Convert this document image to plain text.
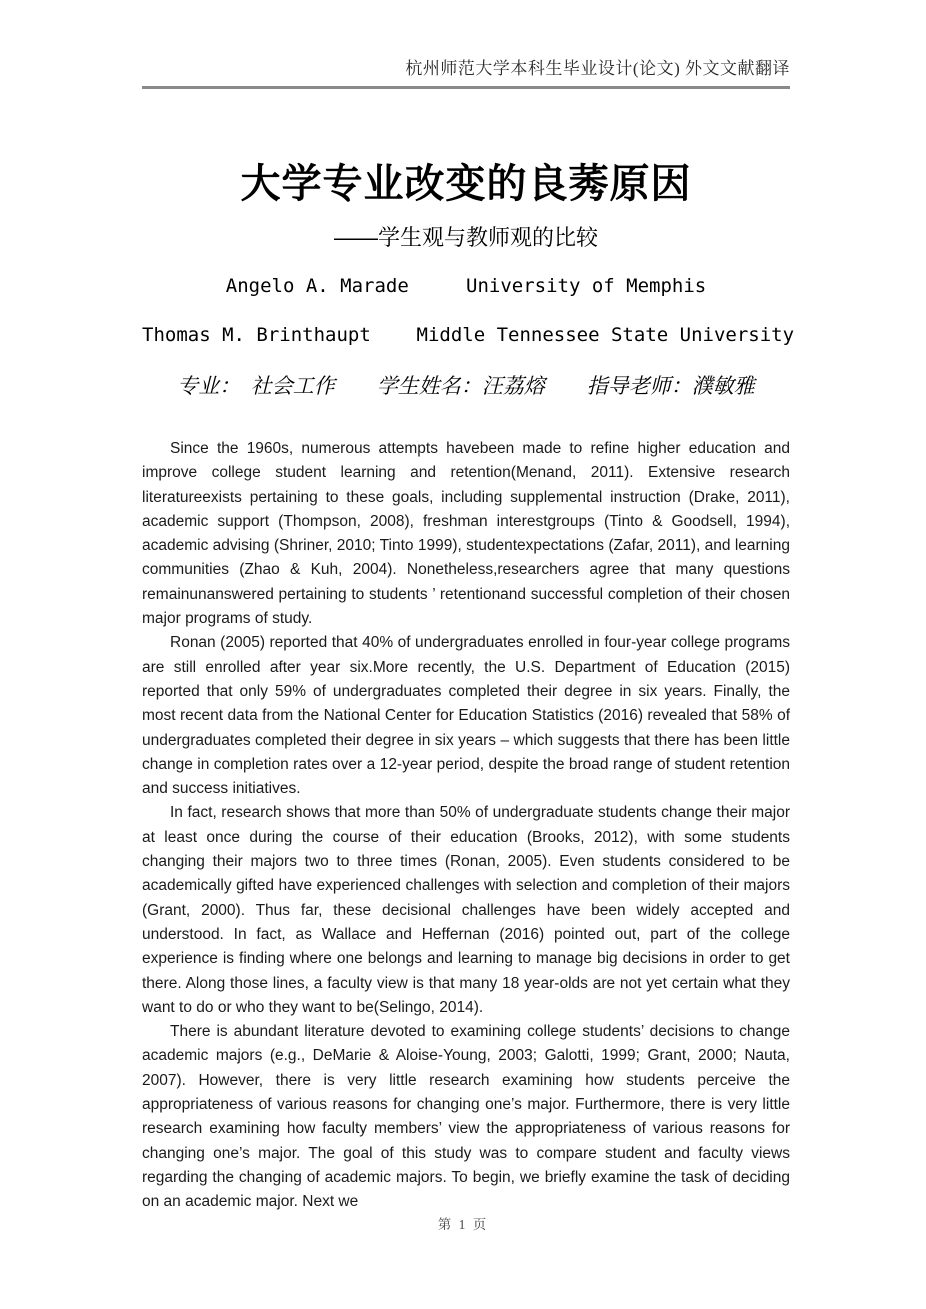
杭州师范大学本科生毕业设计(论文) 外文文献翻译
大学专业改变的良莠原因
——学生观与教师观的比较
Angelo A. Marade     University of Memphis
Thomas M. Brinthaupt    Middle Tennessee State University
专业：  社会工作　　学生姓名：汪荔熔　　指导老师：濮敏雅

Since the 1960s, numerous attempts havebeen made to refine higher education and improve college student learning and retention(Menand, 2011). Extensive research literatureexists pertaining to these goals, including supplemental instruction (Drake, 2011), academic support (Thompson, 2008), freshman interestgroups (Tinto & Goodsell, 1994), academic advising (Shriner, 2010; Tinto 1999), studentexpectations (Zafar, 2011), and learning communities (Zhao & Kuh, 2004). Nonetheless,researchers agree that many questions remainunanswered pertaining to students ’ retentionand successful completion of their chosen major programs of study.

Ronan (2005) reported that 40% of undergraduates enrolled in four-year college programs are still enrolled after year six.More recently, the U.S. Department of Education (2015) reported that only 59% of undergraduates completed their degree in six years. Finally, the most recent data from the National Center for Education Statistics (2016) revealed that 58% of undergraduates completed their degree in six years – which suggests that there has been little change in completion rates over a 12-year period, despite the broad range of student retention and success initiatives.

In fact, research shows that more than 50% of undergraduate students change their major at least once during the course of their education (Brooks, 2012), with some students changing their majors two to three times (Ronan, 2005). Even students considered to be academically gifted have experienced challenges with selection and completion of their majors (Grant, 2000). Thus far, these decisional challenges have been widely accepted and understood. In fact, as Wallace and Heffernan (2016) pointed out, part of the college experience is finding where one belongs and learning to manage big decisions in order to get there. Along those lines, a faculty view is that many 18 year-olds are not yet certain what they want to do or who they want to be(Selingo, 2014).

There is abundant literature devoted to examining college students’ decisions to change academic majors (e.g., DeMarie & Aloise-Young, 2003; Galotti, 1999; Grant, 2000; Nauta, 2007). However, there is very little research examining how students perceive the appropriateness of various reasons for changing one’s major. Furthermore, there is very little research examining how faculty members’ view the appropriateness of various reasons for changing one’s major. The goal of this study was to compare student and faculty views regarding the changing of academic majors. To begin, we briefly examine the task of deciding on an academic major. Next we

第 1 页
